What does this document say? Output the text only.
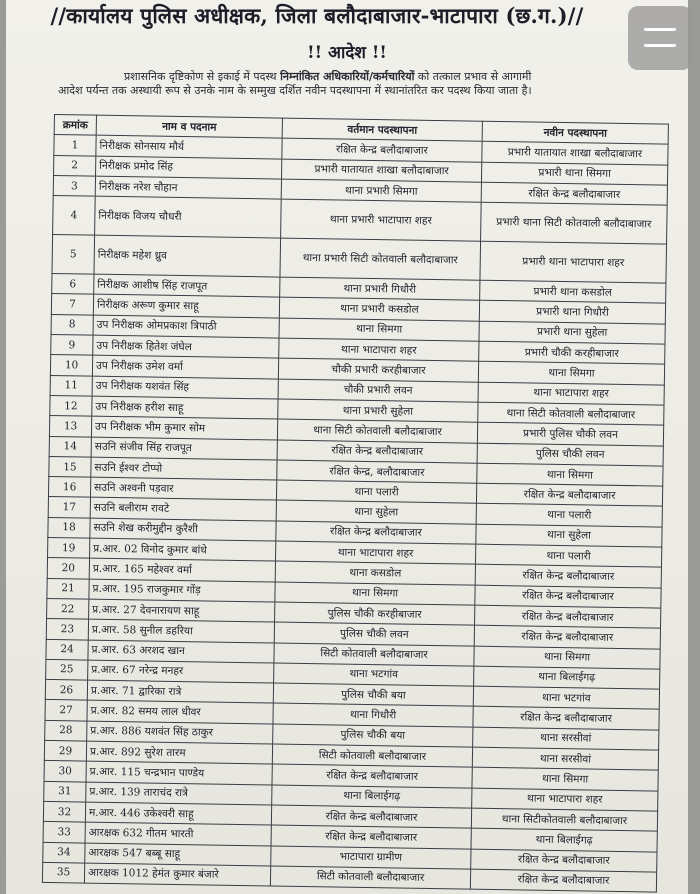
//कार्यालय पुलिस अधीक्षक, जिला बलौदाबाजार-भाटापारा (छ.ग.)//
!! आदेश !!

प्रशासनिक दृष्टिकोण से इकाई में पदस्थ निम्नांकित अधिकारियों/कर्मचारियों को तत्काल प्रभाव से आगामी

आदेश पर्यन्त तक अस्थायी रूप से उनके नाम के सम्मुख दर्शित नवीन पदस्थापना में स्थानांतरित कर पदस्थ किया जाता है।

क्रमांक	नाम व पदनाम	वर्तमान पदस्थापना	नवीन पदस्थापना
1	निरीक्षक सोनसाय मौर्य	रक्षित केन्द्र बलौदाबाजार	प्रभारी यातायात शाखा बलौदाबाजार
2	निरीक्षक प्रमोद सिंह	प्रभारी यातायात शाखा बलौदाबाजार	प्रभारी थाना सिमगा
3	निरीक्षक नरेश चौहान	थाना प्रभारी सिमगा	रक्षित केन्द्र बलौदाबाजार
4	निरीक्षक विजय चौधरी	थाना प्रभारी भाटापारा शहर	प्रभारी थाना सिटी कोतवाली बलौदाबाजार
5	निरीक्षक महेश ध्रुव	थाना प्रभारी सिटी कोतवाली बलौदाबाजार	प्रभारी थाना भाटापारा शहर
6	निरीक्षक आशीष सिंह राजपूत	थाना प्रभारी गिधौरी	प्रभारी थाना कसडोल
7	निरीक्षक अरूण कुमार साहू	थाना प्रभारी कसडोल	प्रभारी थाना गिधौरी
8	उप निरीक्षक ओमप्रकाश त्रिपाठी	थाना सिमगा	प्रभारी थाना सुहेला
9	उप निरीक्षक हितेश जंघेल	थाना भाटापारा शहर	प्रभारी चौकी करहीबाजार
10	उप निरीक्षक उमेश वर्मा	चौकी प्रभारी करहीबाजार	थाना सिमगा
11	उप निरीक्षक यशवंत सिंह	चौकी प्रभारी लवन	थाना भाटापारा शहर
12	उप निरीक्षक हरीश साहू	थाना प्रभारी सुहेला	थाना सिटी कोतवाली बलौदाबाजार
13	उप निरीक्षक भीम कुमार सोम	थाना सिटी कोतवाली बलौदाबाजार	प्रभारी पुलिस चौकी लवन
14	सउनि संजीव सिंह राजपूत	रक्षित केन्द्र बलौदाबाजार	पुलिस चौकी लवन
15	सउनि ईश्वर टोप्पो	रक्षित केन्द्र, बलौदाबाजार	थाना सिमगा
16	सउनि अश्वनी पड़वार	थाना पलारी	रक्षित केन्द्र बलौदाबाजार
17	सउनि बलीराम रावटे	थाना सुहेला	थाना पलारी
18	सउनि शेख करीमुद्दीन कुरैशी	रक्षित केन्द्र बलौदाबाजार	थाना सुहेला
19	प्र.आर. 02 विनोद कुमार बांधे	थाना भाटापारा शहर	थाना पलारी
20	प्र.आर. 165 महेश्वर वर्मा	थाना कसडोल	रक्षित केन्द्र बलौदाबाजार
21	प्र.आर. 195 राजकुमार गोंड़	थाना सिमगा	रक्षित केन्द्र बलौदाबाजार
22	प्र.आर. 27 देवनारायण साहू	पुलिस चौकी करहीबाजार	रक्षित केन्द्र बलौदाबाजार
23	प्र.आर. 58 सुनील डहरिया	पुलिस चौकी लवन	रक्षित केन्द्र बलौदाबाजार
24	प्र.आर. 63 अरशद खान	सिटी कोतवाली बलौदाबाजार	थाना सिमगा
25	प्र.आर. 67 नरेन्द्र मनहर	थाना भटगांव	थाना बिलाईगढ़
26	प्र.आर. 71 द्वारिका रात्रे	पुलिस चौकी बया	थाना भटगांव
27	प्र.आर. 82 समय लाल धीवर	थाना गिधौरी	रक्षित केन्द्र बलौदाबाजार
28	प्र.आर. 886 यशवंत सिंह ठाकुर	पुलिस चौकी बया	थाना सरसीवां
29	प्र.आर. 892 सुरेश तारम	सिटी कोतवाली बलौदाबाजार	थाना सरसीवां
30	प्र.आर. 115 चन्द्रभान पाण्डेय	रक्षित केन्द्र बलौदाबाजार	थाना सिमगा
31	प्र.आर. 139 ताराचंद रात्रे	थाना बिलाईगढ़	थाना भाटापारा शहर
32	म.आर. 446 उकेश्वरी साहू	रक्षित केन्द्र बलौदाबाजार	थाना सिटीकोतवाली बलौदाबाजार
33	आरक्षक 632 गीतम भारती	रक्षित केन्द्र बलौदाबाजार	थाना बिलाईगढ़
34	आरक्षक 547 बब्बू साहू	भाटापारा ग्रामीण	रक्षित केन्द्र बलौदाबाजार
35	आरक्षक 1012 हेमंत कुमार बंजारे	सिटी कोतवाली बलौदाबाजार	रक्षित केन्द्र बलौदाबाजार
